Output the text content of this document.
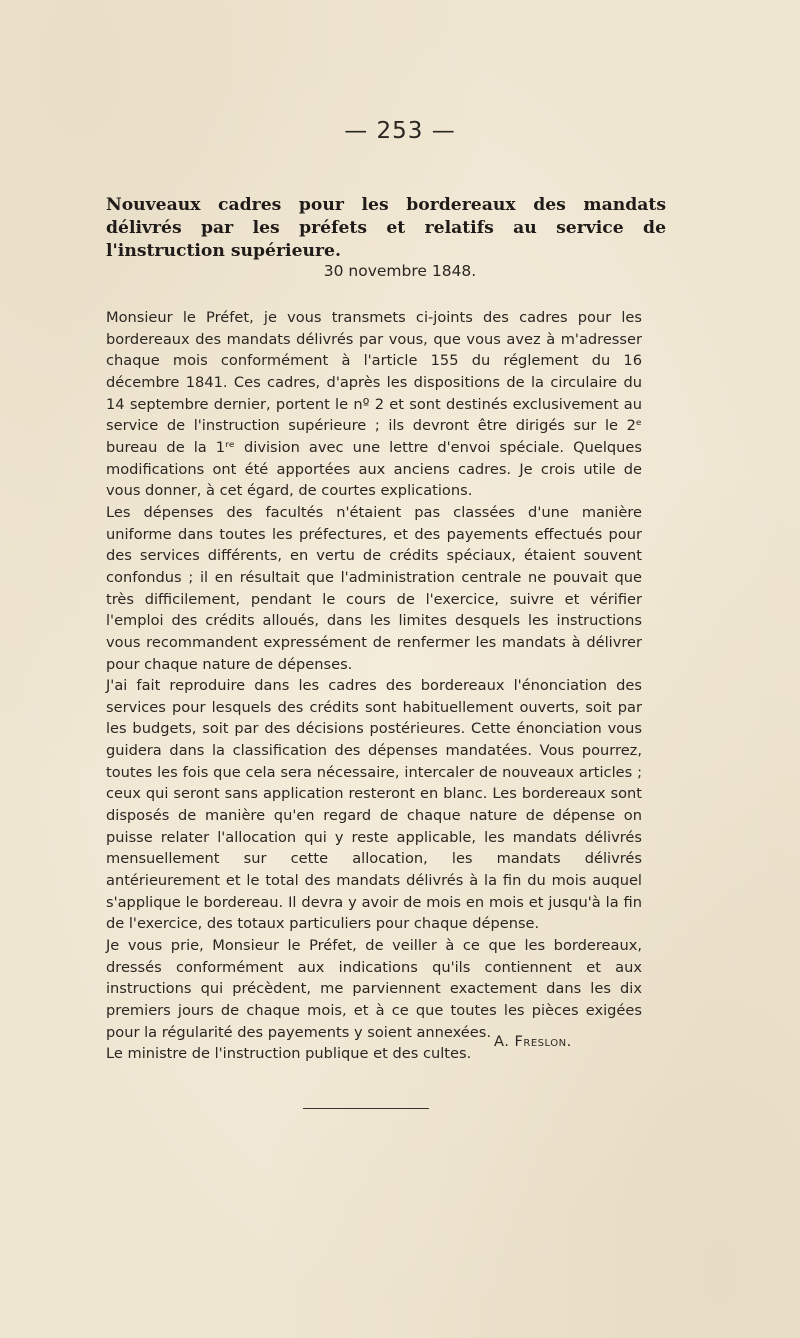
— 253 —
Nouveaux cadres pour les bordereaux des mandats délivrés par les préfets et relatifs au service de l'instruction supérieure.
30 novembre 1848.

Monsieur le Préfet, je vous transmets ci-joints des cadres pour les bordereaux des mandats délivrés par vous, que vous avez à m'adresser chaque mois conformément à l'article 155 du réglement du 16 décembre 1841. Ces cadres, d'après les dispositions de la circulaire du 14 septembre dernier, portent le nº 2 et sont destinés exclusivement au service de l'instruction supérieure ; ils devront être dirigés sur le 2ᵉ bureau de la 1ʳᵉ division avec une lettre d'envoi spéciale. Quelques modifications ont été apportées aux anciens cadres. Je crois utile de vous donner, à cet égard, de courtes explications.

Les dépenses des facultés n'étaient pas classées d'une manière uniforme dans toutes les préfectures, et des payements effectués pour des services différents, en vertu de crédits spéciaux, étaient souvent confondus ; il en résultait que l'administration centrale ne pouvait que très difficilement, pendant le cours de l'exercice, suivre et vérifier l'emploi des crédits alloués, dans les limites desquels les instructions vous recommandent expressément de renfermer les mandats à délivrer pour chaque nature de dépenses.

J'ai fait reproduire dans les cadres des bordereaux l'énonciation des services pour lesquels des crédits sont habituellement ouverts, soit par les budgets, soit par des décisions postérieures. Cette énonciation vous guidera dans la classification des dépenses mandatées. Vous pourrez, toutes les fois que cela sera nécessaire, intercaler de nouveaux articles ; ceux qui seront sans application resteront en blanc. Les bordereaux sont disposés de manière qu'en regard de chaque nature de dépense on puisse relater l'allocation qui y reste applicable, les mandats délivrés mensuellement sur cette allocation, les mandats délivrés antérieurement et le total des mandats délivrés à la fin du mois auquel s'applique le bordereau. Il devra y avoir de mois en mois et jusqu'à la fin de l'exercice, des totaux particuliers pour chaque dépense.

Je vous prie, Monsieur le Préfet, de veiller à ce que les bordereaux, dressés conformément aux indications qu'ils contiennent et aux instructions qui précèdent, me parviennent exactement dans les dix premiers jours de chaque mois, et à ce que toutes les pièces exigées pour la régularité des payements y soient annexées.

Le ministre de l'instruction publique et des cultes.

A. Freslon.
